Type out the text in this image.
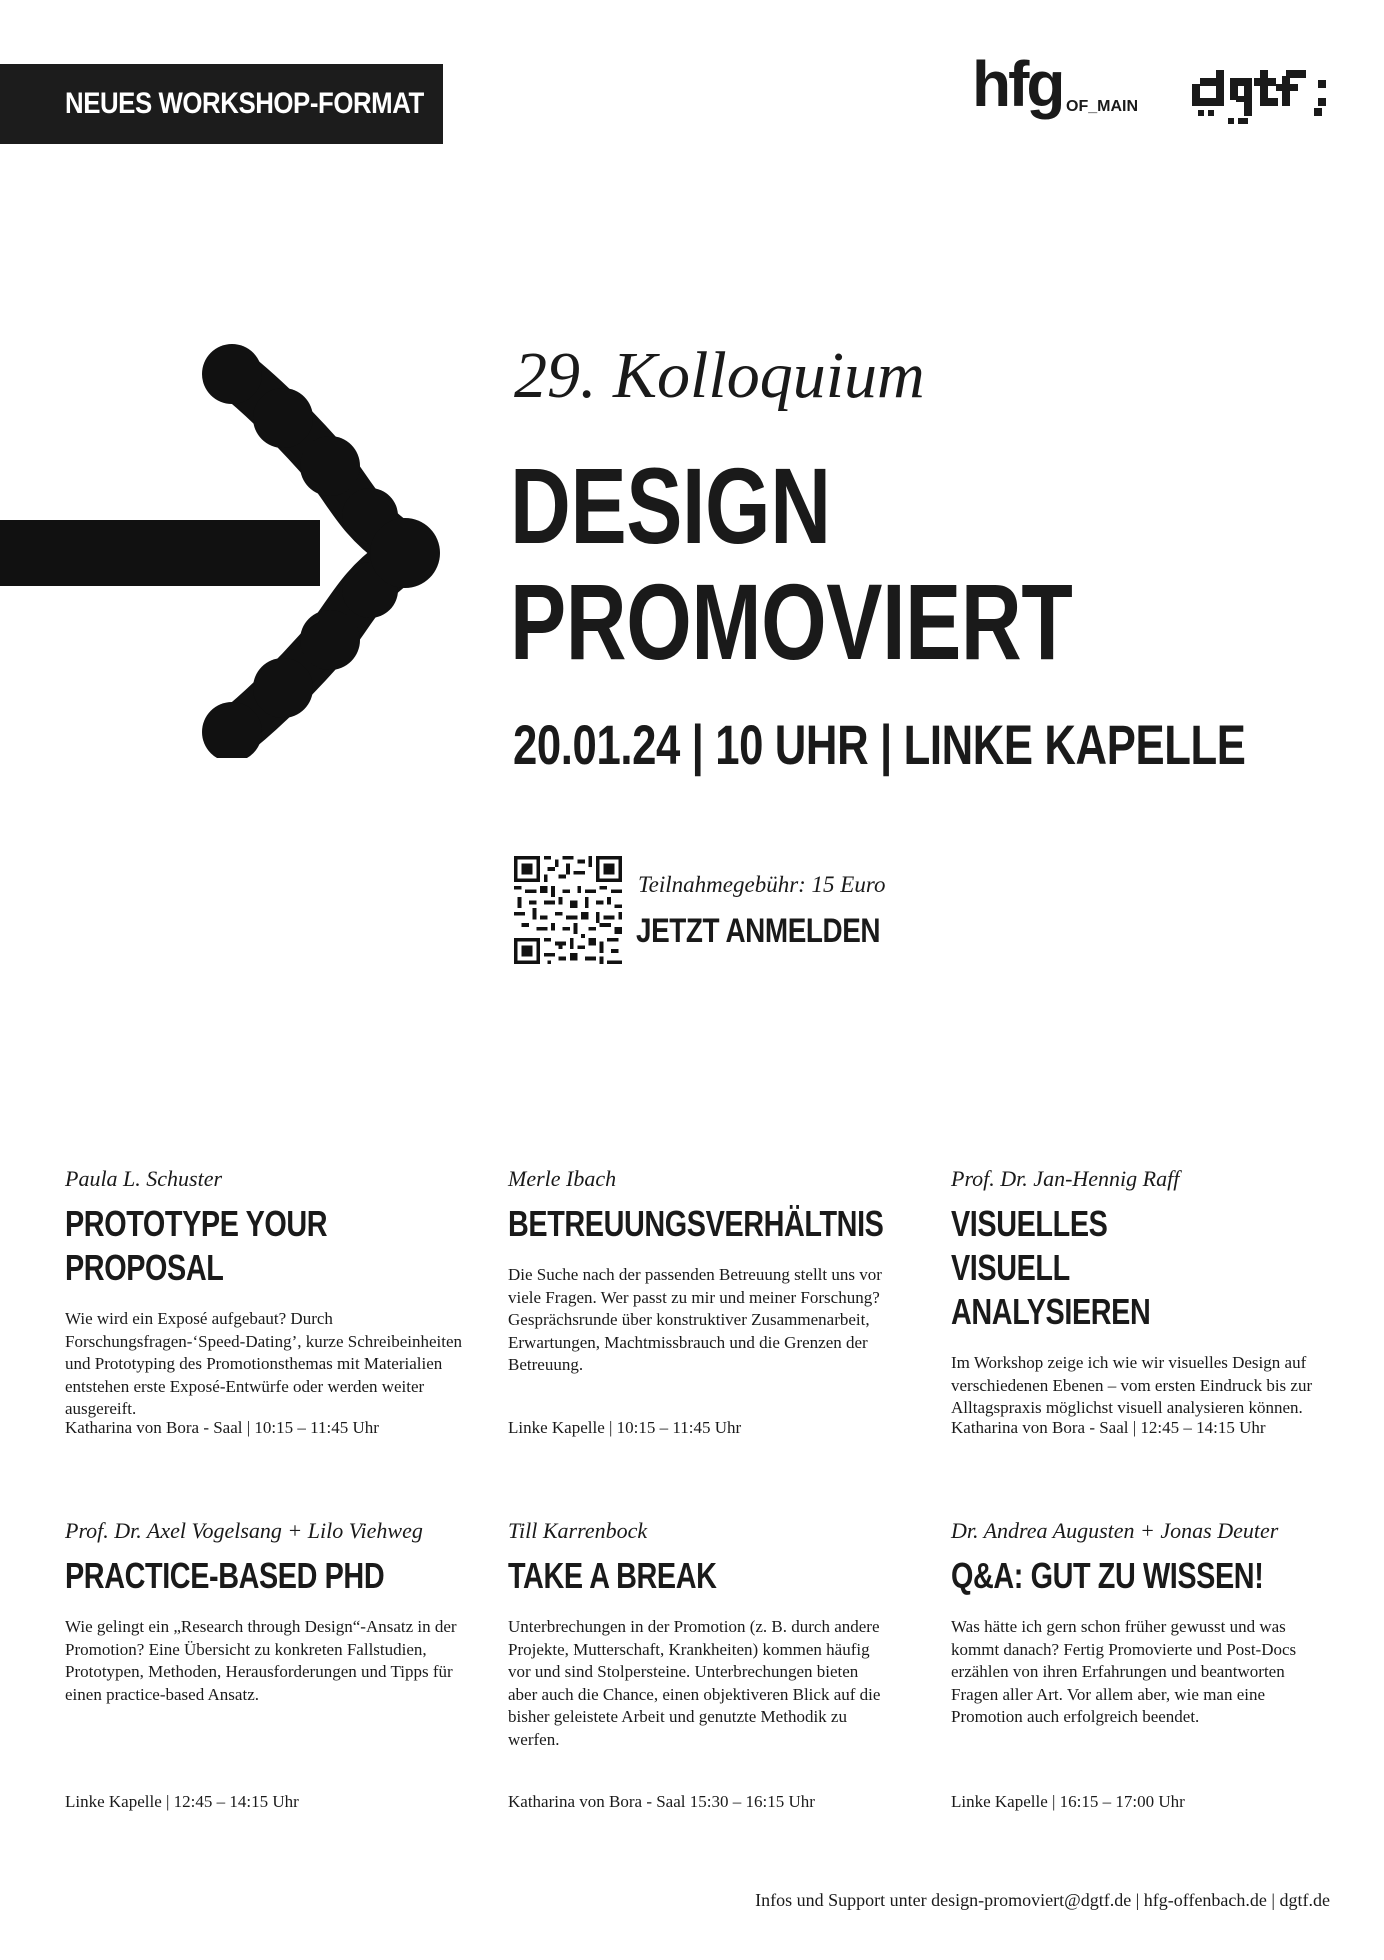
NEUES WORKSHOP-FORMAT	hfg OF_MAIN
29. Kolloquium
DESIGN
PROMOVIERT
20.01.24 | 10 UHR | LINKE KAPELLE
Teilnahmegebühr: 15 Euro
JETZT ANMELDEN
Paula L. Schuster
PROTOTYPE YOUR PROPOSAL
Wie wird ein Exposé aufgebaut? Durch Forschungsfragen-‘Speed-Dating’, kurze Schreibeinheiten und Prototyping des Promotionsthemas mit Materialien entstehen erste Exposé-Entwürfe oder werden weiter ausgereift.
Katharina von Bora - Saal | 10:15 – 11:45 Uhr
Merle Ibach
BETREUUNGSVERHÄLTNIS
Die Suche nach der passenden Betreuung stellt uns vor viele Fragen. Wer passt zu mir und meiner Forschung? Gesprächsrunde über konstruktiver Zusammenarbeit, Erwartungen, Machtmissbrauch und die Grenzen der Betreuung.
Linke Kapelle | 10:15 – 11:45 Uhr
Prof. Dr. Jan-Hennig Raff
VISUELLES VISUELL ANALYSIEREN
Im Workshop zeige ich wie wir visuelles Design auf verschiedenen Ebenen – vom ersten Eindruck bis zur Alltagspraxis möglichst visuell analysieren können.
Katharina von Bora - Saal | 12:45 – 14:15 Uhr
Prof. Dr. Axel Vogelsang + Lilo Viehweg
PRACTICE-BASED PHD
Wie gelingt ein „Research through Design“-Ansatz in der Promotion? Eine Übersicht zu konkreten Fallstudien, Prototypen, Methoden, Herausforderungen und Tipps für einen practice-based Ansatz.
Linke Kapelle | 12:45 – 14:15 Uhr
Till Karrenbock
TAKE A BREAK
Unterbrechungen in der Promotion (z. B. durch andere Projekte, Mutterschaft, Krankheiten) kommen häufig vor und sind Stolpersteine. Unterbrechungen bieten aber auch die Chance, einen objektiveren Blick auf die bisher geleistete Arbeit und genutzte Methodik zu werfen.
Katharina von Bora - Saal 15:30 – 16:15 Uhr
Dr. Andrea Augusten + Jonas Deuter
Q&A: GUT ZU WISSEN!
Was hätte ich gern schon früher gewusst und was kommt danach? Fertig Promovierte und Post-Docs erzählen von ihren Erfahrungen und beantworten Fragen aller Art. Vor allem aber, wie man eine Promotion auch erfolgreich beendet.
Linke Kapelle | 16:15 – 17:00 Uhr
Infos und Support unter design-promoviert@dgtf.de | hfg-offenbach.de | dgtf.de
